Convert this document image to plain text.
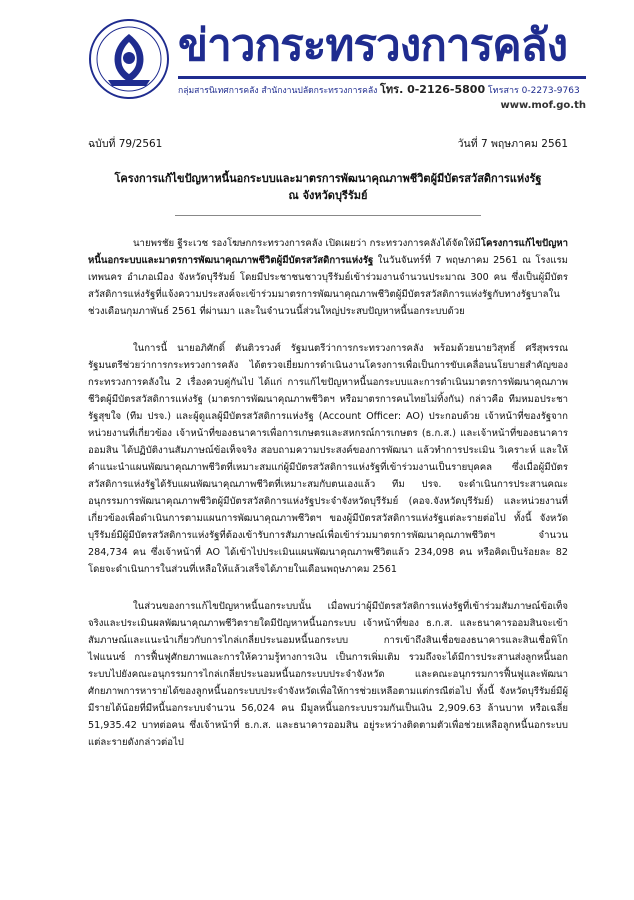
ข่าวกระทรวงการคลัง
กลุ่มสารนิเทศการคลัง สำนักงานปลัดกระทรวงการคลัง โทร. 0-2126-5800 โทรสาร 0-2273-9763
www.mof.go.th
ฉบับที่ 79/2561	วันที่ 7 พฤษภาคม 2561
โครงการแก้ไขปัญหาหนี้นอกระบบและมาตรการพัฒนาคุณภาพชีวิตผู้มีบัตรสวัสดิการแห่งรัฐ
ณ จังหวัดบุรีรัมย์

นายพรชัย ฐีระเวช รองโฆษกกระทรวงการคลัง เปิดเผยว่า กระทรวงการคลังได้จัดให้มีโครงการแก้ไขปัญหาหนี้นอกระบบและมาตรการพัฒนาคุณภาพชีวิตผู้มีบัตรสวัสดิการแห่งรัฐ ในวันจันทร์ที่ 7 พฤษภาคม 2561 ณ โรงแรมเทพนคร อำเภอเมือง จังหวัดบุรีรัมย์ โดยมีประชาชนชาวบุรีรัมย์เข้าร่วมงานจำนวนประมาณ 300 คน ซึ่งเป็นผู้มีบัตรสวัสดิการแห่งรัฐที่แจ้งความประสงค์จะเข้าร่วมมาตรการพัฒนาคุณภาพชีวิตผู้มีบัตรสวัสดิการแห่งรัฐกับทางรัฐบาลในช่วงเดือนกุมภาพันธ์ 2561 ที่ผ่านมา และในจำนวนนี้ส่วนใหญ่ประสบปัญหาหนี้นอกระบบด้วย

ในการนี้ นายอภิศักดิ์ ตันติวรวงศ์ รัฐมนตรีว่าการกระทรวงการคลัง พร้อมด้วยนายวิสุทธิ์ ศรีสุพรรณ รัฐมนตรีช่วยว่าการกระทรวงการคลัง ได้ตรวจเยี่ยมการดำเนินงานโครงการเพื่อเป็นการขับเคลื่อนนโยบายสำคัญของกระทรวงการคลังใน 2 เรื่องควบคู่กันไป ได้แก่ การแก้ไขปัญหาหนี้นอกระบบและการดำเนินมาตรการพัฒนาคุณภาพชีวิตผู้มีบัตรสวัสดิการแห่งรัฐ (มาตรการพัฒนาคุณภาพชีวิตฯ หรือมาตรการคนไทยไม่ทิ้งกัน) กล่าวคือ ทีมหมอประชารัฐสุขใจ (ทีม ปรจ.) และผู้ดูแลผู้มีบัตรสวัสดิการแห่งรัฐ (Account Officer: AO) ประกอบด้วย เจ้าหน้าที่ของรัฐจากหน่วยงานที่เกี่ยวข้อง เจ้าหน้าที่ของธนาคารเพื่อการเกษตรและสหกรณ์การเกษตร (ธ.ก.ส.) และเจ้าหน้าที่ของธนาคารออมสิน ได้ปฏิบัติงานสัมภาษณ์ข้อเท็จจริง สอบถามความประสงค์ของการพัฒนา แล้วทำการประเมิน วิเคราะห์ และให้คำแนะนำแผนพัฒนาคุณภาพชีวิตที่เหมาะสมแก่ผู้มีบัตรสวัสดิการแห่งรัฐที่เข้าร่วมงานเป็นรายบุคคล ซึ่งเมื่อผู้มีบัตรสวัสดิการแห่งรัฐได้รับแผนพัฒนาคุณภาพชีวิตที่เหมาะสมกับตนเองแล้ว ทีม ปรจ. จะดำเนินการประสานคณะอนุกรรมการพัฒนาคุณภาพชีวิตผู้มีบัตรสวัสดิการแห่งรัฐประจำจังหวัดบุรีรัมย์ (คอจ.จังหวัดบุรีรัมย์) และหน่วยงานที่เกี่ยวข้องเพื่อดำเนินการตามแผนการพัฒนาคุณภาพชีวิตฯ ของผู้มีบัตรสวัสดิการแห่งรัฐแต่ละรายต่อไป ทั้งนี้ จังหวัดบุรีรัมย์มีผู้มีบัตรสวัสดิการแห่งรัฐที่ต้องเข้ารับการสัมภาษณ์เพื่อเข้าร่วมมาตรการพัฒนาคุณภาพชีวิตฯ จำนวน 284,734 คน ซึ่งเจ้าหน้าที่ AO ได้เข้าไปประเมินแผนพัฒนาคุณภาพชีวิตแล้ว 234,098 คน หรือคิดเป็นร้อยละ 82 โดยจะดำเนินการในส่วนที่เหลือให้แล้วเสร็จได้ภายในเดือนพฤษภาคม 2561

ในส่วนของการแก้ไขปัญหาหนี้นอกระบบนั้น เมื่อพบว่าผู้มีบัตรสวัสดิการแห่งรัฐที่เข้าร่วมสัมภาษณ์ข้อเท็จจริงและประเมินผลพัฒนาคุณภาพชีวิตรายใดมีปัญหาหนี้นอกระบบ เจ้าหน้าที่ของ ธ.ก.ส. และธนาคารออมสินจะเข้าสัมภาษณ์และแนะนำเกี่ยวกับการไกล่เกลี่ยประนอมหนี้นอกระบบ การเข้าถึงสินเชื่อของธนาคารและสินเชื่อพิโกไฟแนนซ์ การฟื้นฟูศักยภาพและการให้ความรู้ทางการเงิน เป็นการเพิ่มเติม รวมถึงจะได้มีการประสานส่งลูกหนี้นอกระบบไปยังคณะอนุกรรมการไกล่เกลี่ยประนอมหนี้นอกระบบประจำจังหวัด และคณะอนุกรรมการฟื้นฟูและพัฒนาศักยภาพการหารายได้ของลูกหนี้นอกระบบประจำจังหวัดเพื่อให้การช่วยเหลือตามแต่กรณีต่อไป ทั้งนี้ จังหวัดบุรีรัมย์มีผู้มีรายได้น้อยที่มีหนี้นอกระบบจำนวน 56,024 คน มีมูลหนี้นอกระบบรวมกันเป็นเงิน 2,909.63 ล้านบาท หรือเฉลี่ย 51,935.42 บาทต่อคน ซึ่งเจ้าหน้าที่ ธ.ก.ส. และธนาคารออมสิน อยู่ระหว่างติดตามตัวเพื่อช่วยเหลือลูกหนี้นอกระบบแต่ละรายดังกล่าวต่อไป
